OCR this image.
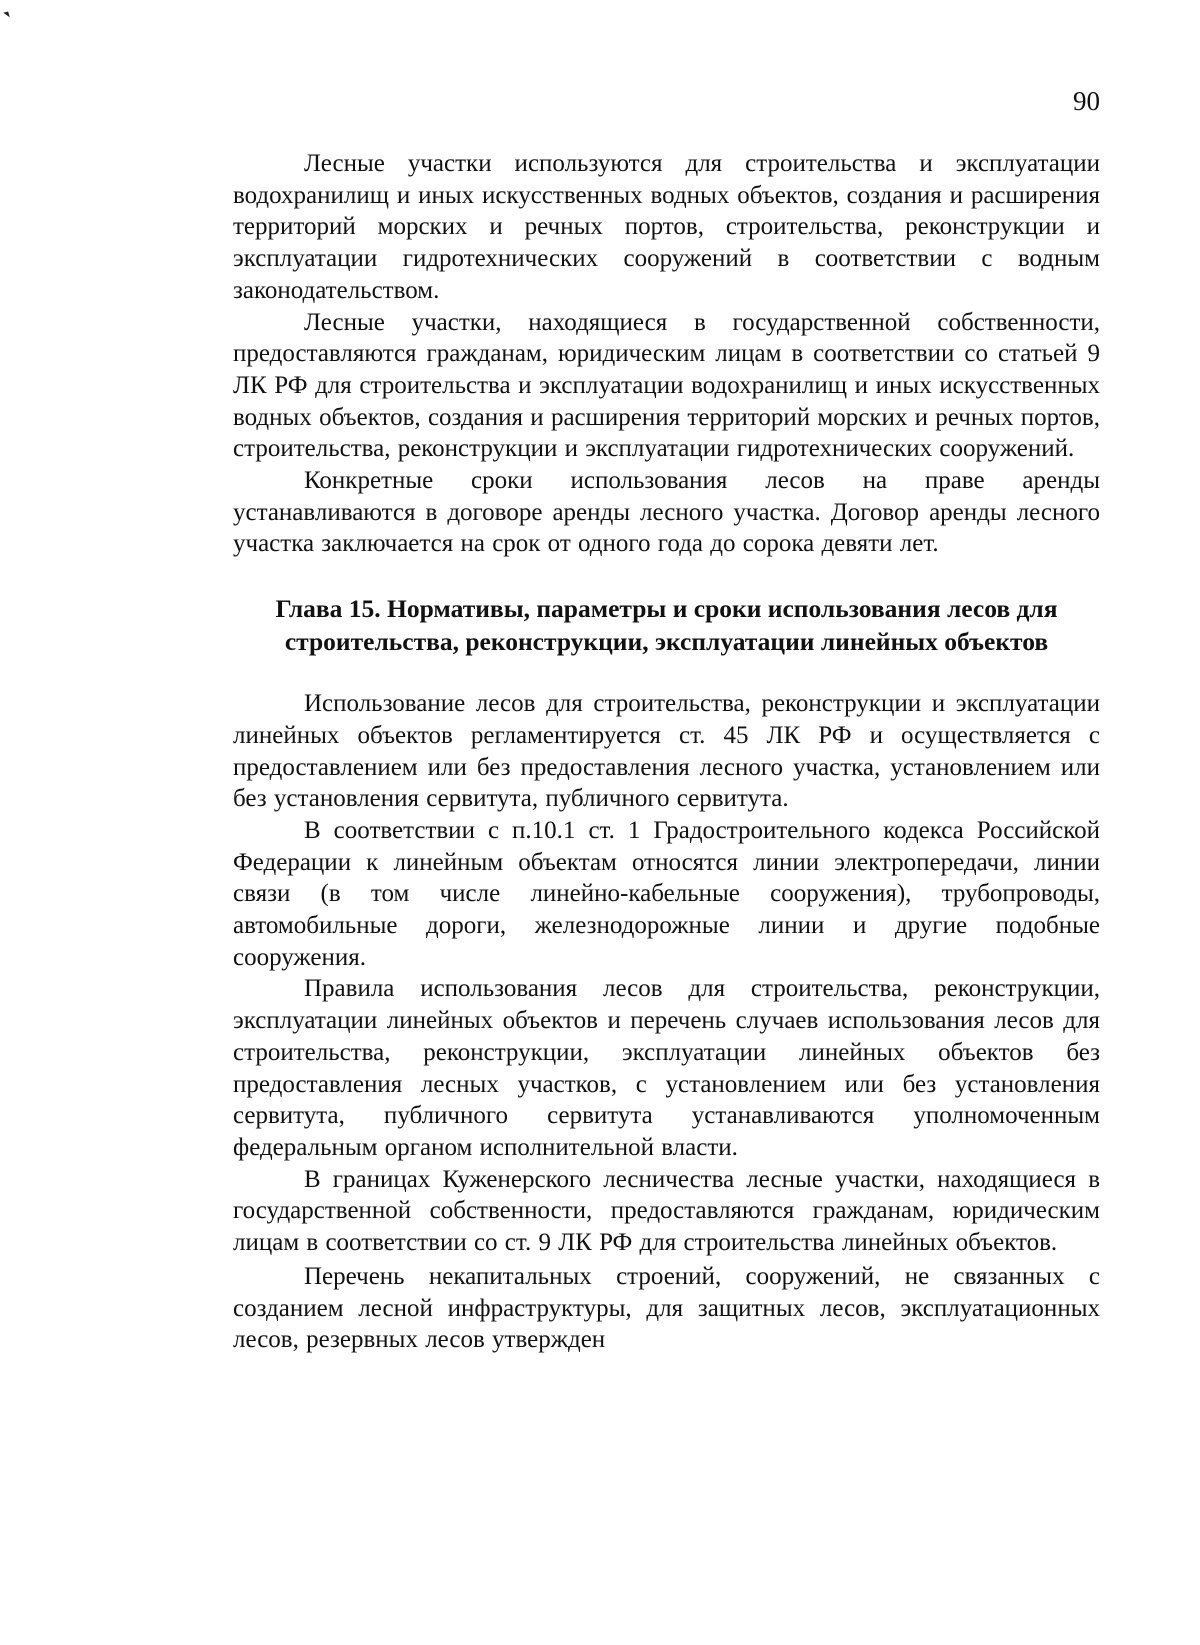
90

Лесные участки используются для строительства и эксплуатации водохранилищ и иных искусственных водных объектов, создания и расширения территорий морских и речных портов, строительства, реконструкции и эксплуатации гидротехнических сооружений в соответствии с водным законодательством.

Лесные участки, находящиеся в государственной собственности, предоставляются гражданам, юридическим лицам в соответствии со статьей 9 ЛК РФ для строительства и эксплуатации водохранилищ и иных искусственных водных объектов, создания и расширения территорий морских и речных портов, строительства, реконструкции и эксплуатации гидротехнических сооружений.

Конкретные сроки использования лесов на праве аренды устанавливаются в договоре аренды лесного участка. Договор аренды лесного участка заключается на срок от одного года до сорока девяти лет.

Глава 15. Нормативы, параметры и сроки использования лесов для
строительства, реконструкции, эксплуатации линейных объектов

Использование лесов для строительства, реконструкции и эксплуатации линейных объектов регламентируется ст. 45 ЛК РФ и осуществляется с предоставлением или без предоставления лесного участка, установлением или без установления сервитута, публичного сервитута.

В соответствии с п.10.1 ст. 1 Градостроительного кодекса Российской Федерации к линейным объектам относятся линии электропередачи, линии связи (в том числе линейно-кабельные сооружения), трубопроводы, автомобильные дороги, железнодорожные линии и другие подобные сооружения.

Правила использования лесов для строительства, реконструкции, эксплуатации линейных объектов и перечень случаев использования лесов для строительства, реконструкции, эксплуатации линейных объектов без предоставления лесных участков, с установлением или без установления сервитута, публичного сервитута устанавливаются уполномоченным федеральным органом исполнительной власти.

В границах Куженерского лесничества лесные участки, находящиеся в государственной собственности, предоставляются гражданам, юридическим лицам в соответствии со ст. 9 ЛК РФ для строительства линейных объектов.

Перечень некапитальных строений, сооружений, не связанных с созданием лесной инфраструктуры, для защитных лесов, эксплуатационных лесов, резервных лесов утвержден
